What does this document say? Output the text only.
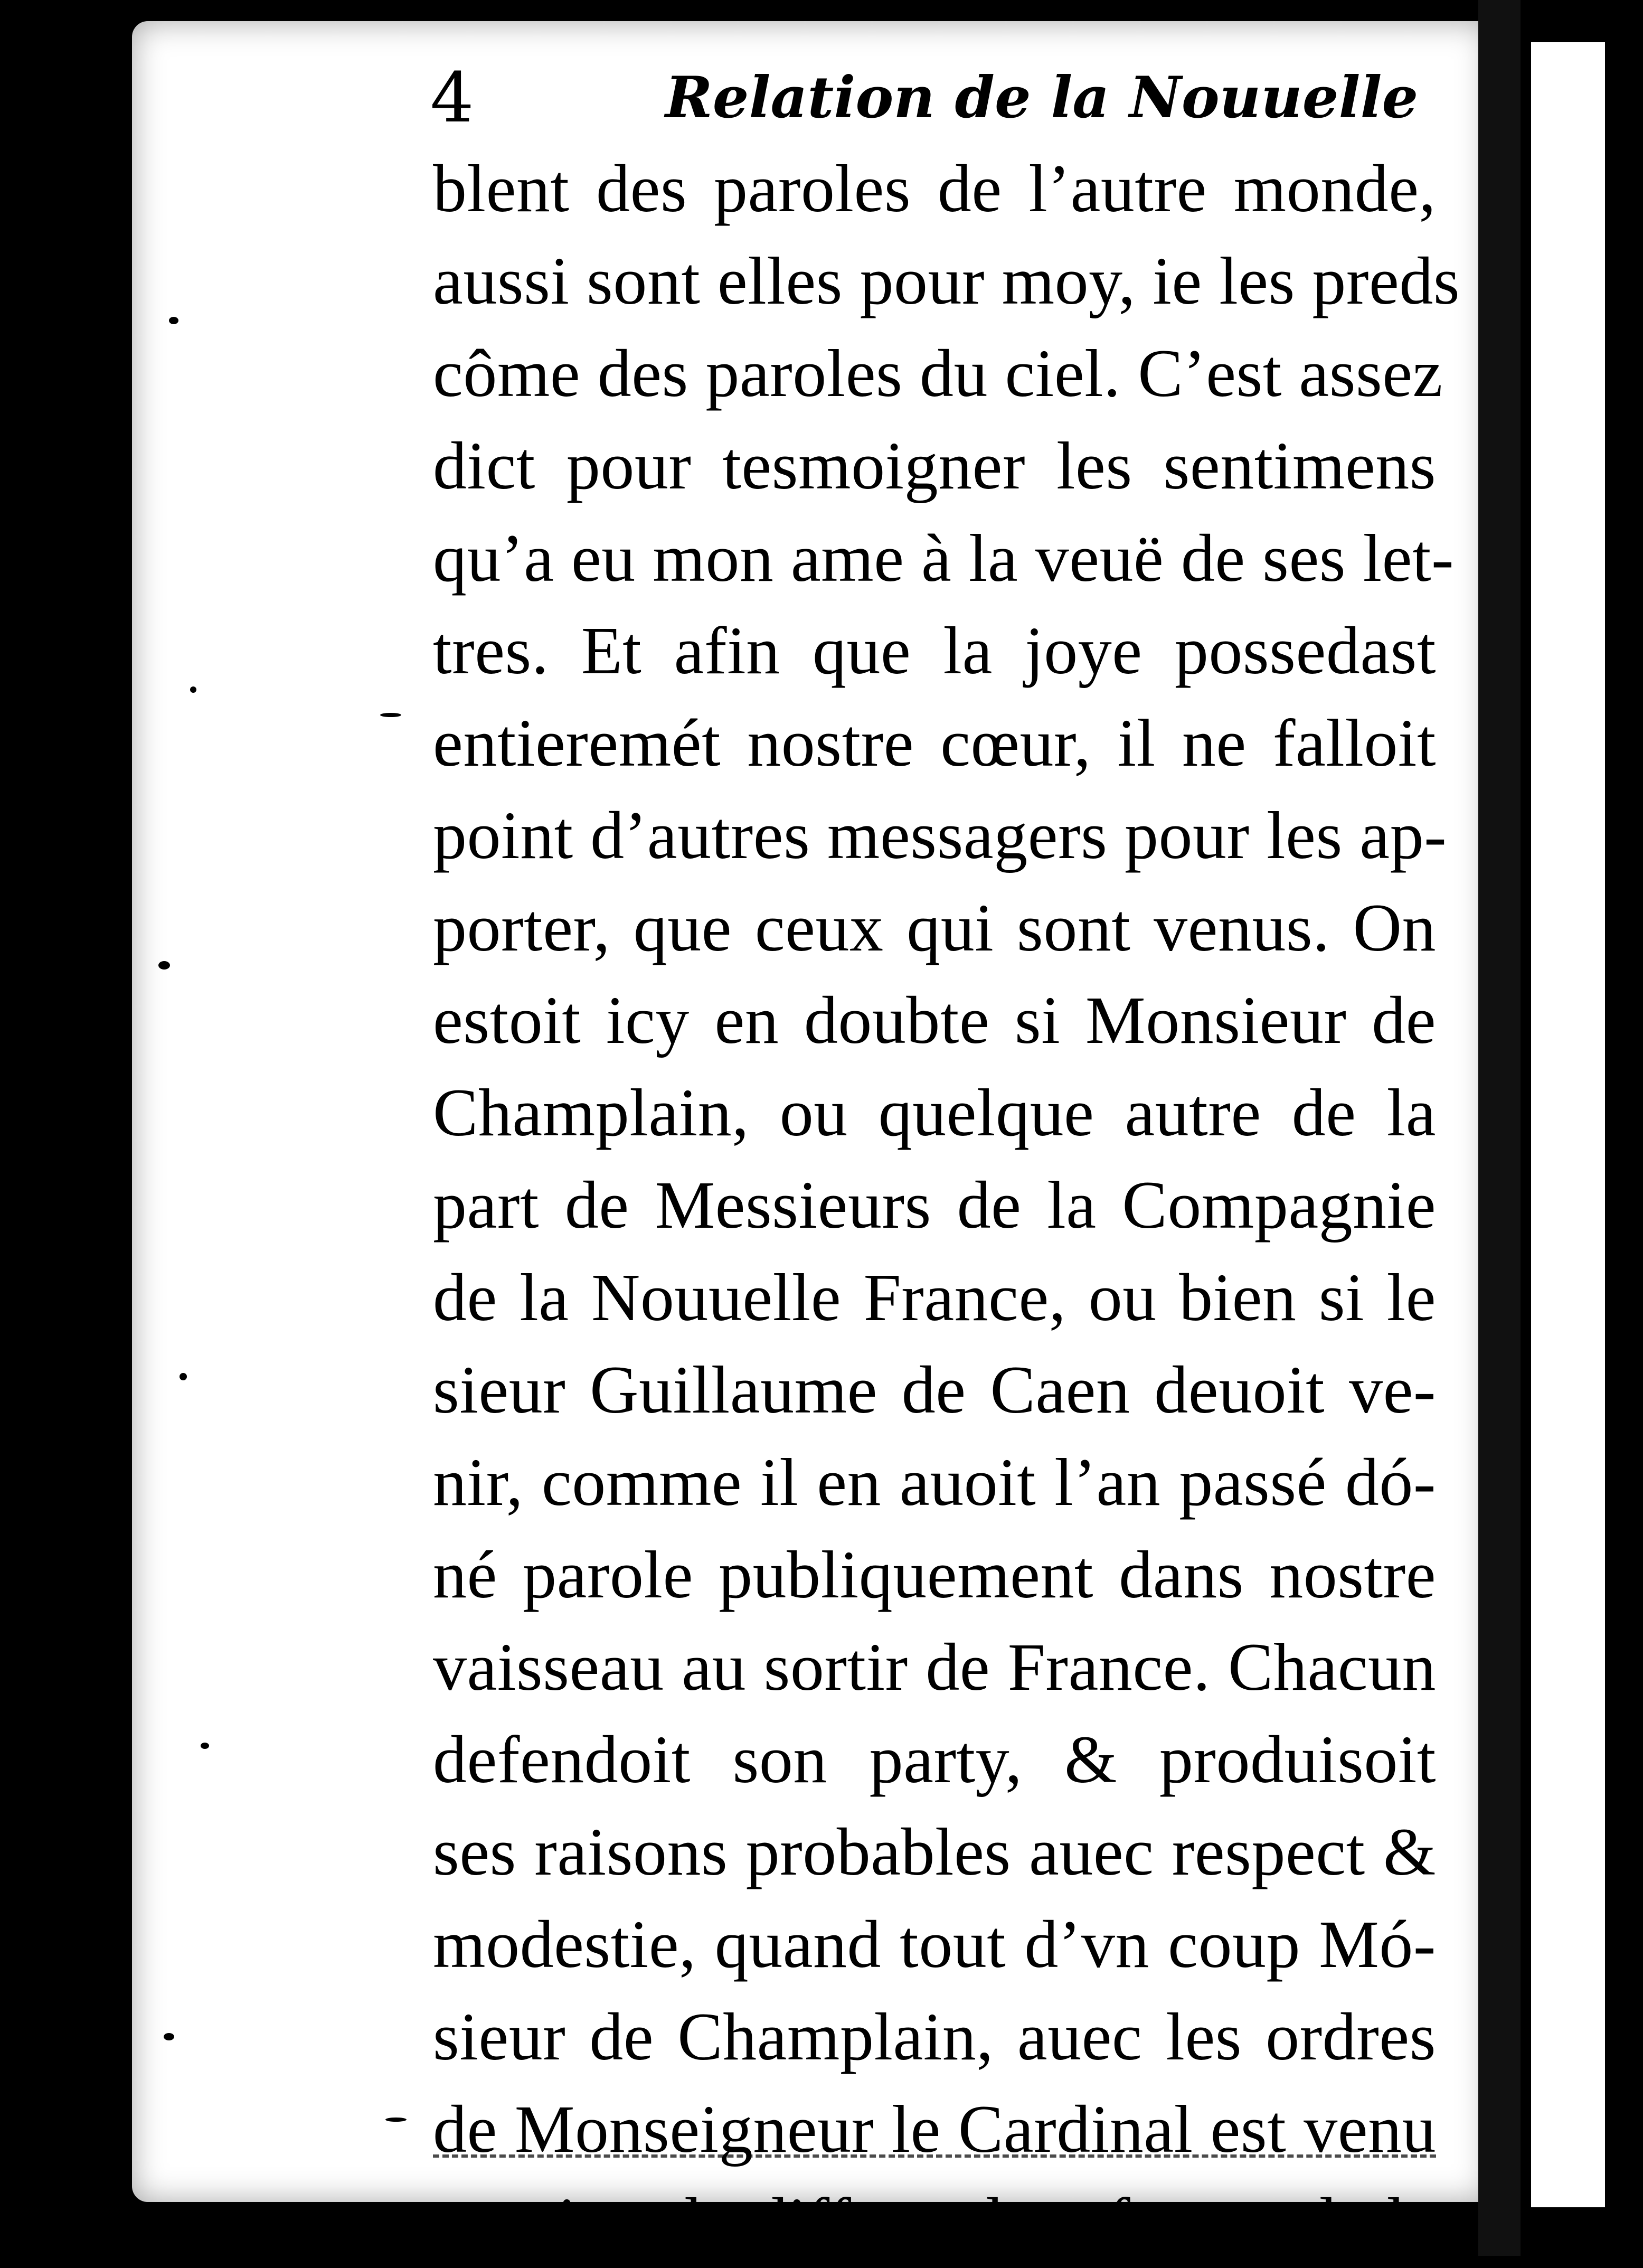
4	Relation de la Nouuelle
blent des paroles de l’autre monde,
aussi sont elles pour moy, ie les preds
côme des paroles du ciel. C’est assez
dict pour tesmoigner les sentimens
qu’a eu mon ame à la veuë de ses let-
tres. Et afin que la joye possedast
entieremét nostre cœur, il ne falloit
point d’autres messagers pour les ap-
porter, que ceux qui sont venus. On
estoit icy en doubte si Monsieur de
Champlain, ou quelque autre de la
part de Messieurs de la Compagnie
de la Nouuelle France, ou bien si le
sieur Guillaume de Caen deuoit ve-
nir, comme il en auoit l’an passé dó-
né parole publiquement dans nostre
vaisseau au sortir de France. Chacun
defendoit son party, & produisoit
ses raisons probables auec respect &
modestie, quand tout d’vn coup Mó-
sieur de Champlain, auec les ordres
de Monseigneur le Cardinal est venu
terminer le differend en faueur de la
